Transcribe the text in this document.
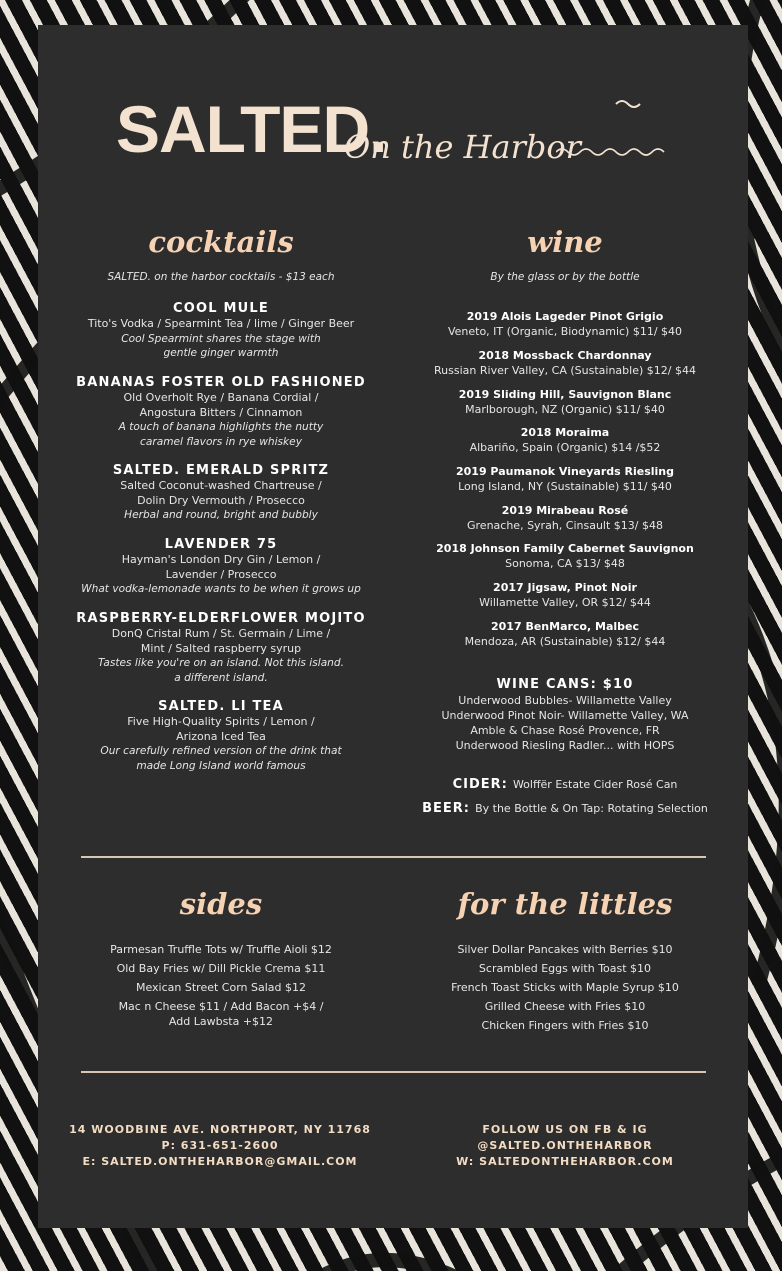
SALTED.
On the Harbor
cocktails
SALTED. on the harbor cocktails - $13 each
COOL MULE
Tito's Vodka / Spearmint Tea / lime / Ginger Beer
Cool Spearmint shares the stage with
gentle ginger warmth
BANANAS FOSTER OLD FASHIONED
Old Overholt Rye / Banana Cordial /
Angostura Bitters / Cinnamon
A touch of banana highlights the nutty
caramel flavors in rye whiskey
SALTED. EMERALD SPRITZ
Salted Coconut-washed Chartreuse /
Dolin Dry Vermouth / Prosecco
Herbal and round, bright and bubbly
LAVENDER 75
Hayman's London Dry Gin / Lemon /
Lavender / Prosecco
What vodka-lemonade wants to be when it grows up
RASPBERRY-ELDERFLOWER MOJITO
DonQ Cristal Rum / St. Germain / Lime /
Mint / Salted raspberry syrup
Tastes like you're on an island. Not this island.
a different island.
SALTED. LI TEA
Five High-Quality Spirits / Lemon /
Arizona Iced Tea
Our carefully refined version of the drink that
made Long Island world famous
wine
By the glass or by the bottle
2019 Alois Lageder Pinot Grigio
Veneto, IT (Organic, Biodynamic) $11/ $40
2018 Mossback Chardonnay
Russian River Valley, CA (Sustainable) $12/ $44
2019 Sliding Hill, Sauvignon Blanc
Marlborough, NZ (Organic) $11/ $40
2018 Moraima
Albariño, Spain (Organic) $14 /$52
2019 Paumanok Vineyards Riesling
Long Island, NY (Sustainable) $11/ $40
2019 Mirabeau Rosé
Grenache, Syrah, Cinsault $13/ $48
2018 Johnson Family Cabernet Sauvignon
Sonoma, CA $13/ $48
2017 Jigsaw, Pinot Noir
Willamette Valley, OR $12/ $44
2017 BenMarco, Malbec
Mendoza, AR (Sustainable) $12/ $44
WINE CANS: $10
Underwood Bubbles- Willamette Valley
Underwood Pinot Noir- Willamette Valley, WA
Amble & Chase Rosé Provence, FR
Underwood Riesling Radler... with HOPS
CIDER: Wolffër Estate Cider Rosé Can
BEER: By the Bottle & On Tap: Rotating Selection
sides
Parmesan Truffle Tots w/ Truffle Aioli $12
Old Bay Fries w/ Dill Pickle Crema $11
Mexican Street Corn Salad $12
Mac n Cheese $11 / Add Bacon +$4 /
Add Lawbsta +$12
for the littles
Silver Dollar Pancakes with Berries $10
Scrambled Eggs with Toast $10
French Toast Sticks with Maple Syrup $10
Grilled Cheese with Fries $10
Chicken Fingers with Fries $10
14 WOODBINE AVE. NORTHPORT, NY 11768
P: 631-651-2600
E: SALTED.ONTHEHARBOR@GMAIL.COM
FOLLOW US ON FB & IG
@SALTED.ONTHEHARBOR
W: SALTEDONTHEHARBOR.COM
